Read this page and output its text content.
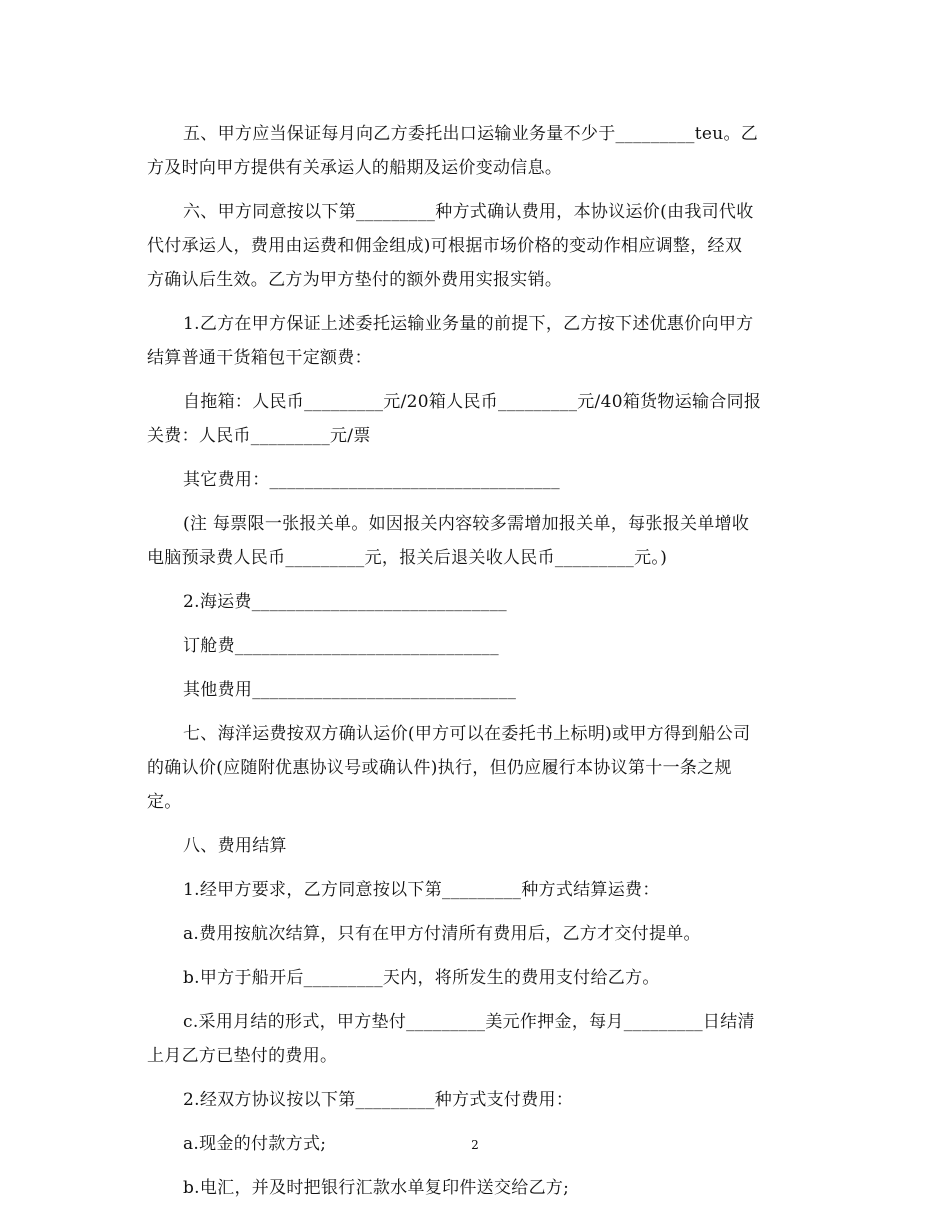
五、甲方应当保证每月向乙方委托出口运输业务量不少于_________teu。乙
方及时向甲方提供有关承运人的船期及运价变动信息。

六、甲方同意按以下第_________种方式确认费用，本协议运价(由我司代收
代付承运人，费用由运费和佣金组成)可根据市场价格的变动作相应调整，经双
方确认后生效。乙方为甲方垫付的额外费用实报实销。

1.乙方在甲方保证上述委托运输业务量的前提下，乙方按下述优惠价向甲方
结算普通干货箱包干定额费：

自拖箱：人民币_________元/20箱人民币_________元/40箱货物运输合同报
关费：人民币_________元/票

其它费用：_________________________________

(注 每票限一张报关单。如因报关内容较多需增加报关单，每张报关单增收
电脑预录费人民币_________元，报关后退关收人民币_________元。)

2.海运费_____________________________

订舱费______________________________

其他费用______________________________

七、海洋运费按双方确认运价(甲方可以在委托书上标明)或甲方得到船公司
的确认价(应随附优惠协议号或确认件)执行，但仍应履行本协议第十一条之规
定。

八、费用结算

1.经甲方要求，乙方同意按以下第_________种方式结算运费：

a.费用按航次结算，只有在甲方付清所有费用后，乙方才交付提单。

b.甲方于船开后_________天内，将所发生的费用支付给乙方。

c.采用月结的形式，甲方垫付_________美元作押金，每月_________日结清
上月乙方已垫付的费用。

2.经双方协议按以下第_________种方式支付费用：

a.现金的付款方式;

b.电汇，并及时把银行汇款水单复印件送交给乙方;

2
